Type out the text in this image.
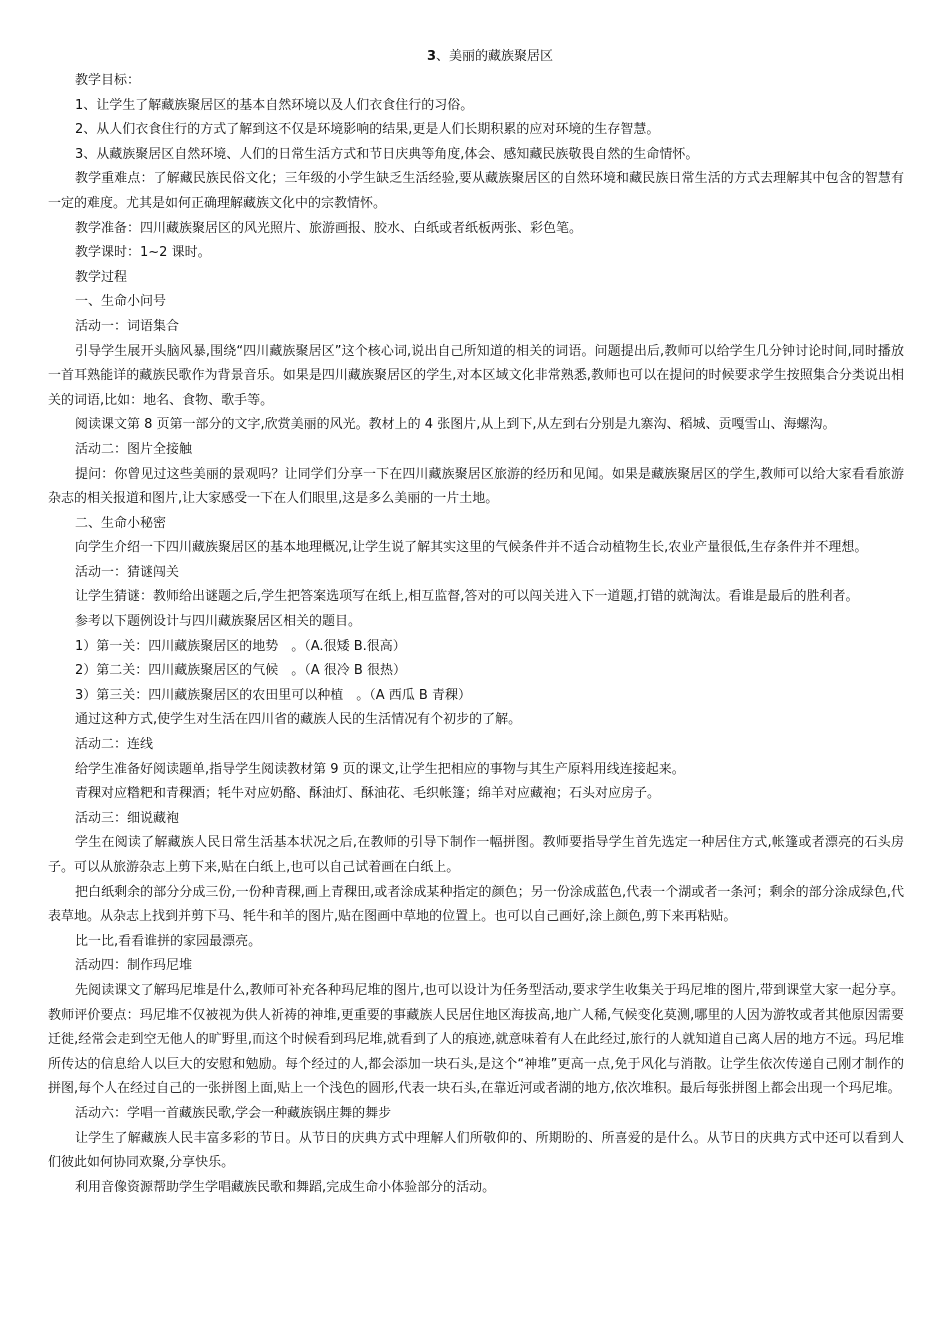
3、美丽的藏族聚居区

教学目标：

1、让学生了解藏族聚居区的基本自然环境以及人们衣食住行的习俗。

2、从人们衣食住行的方式了解到这不仅是环境影响的结果,更是人们长期积累的应对环境的生存智慧。

3、从藏族聚居区自然环境、人们的日常生活方式和节日庆典等角度,体会、感知藏民族敬畏自然的生命情怀。

教学重难点：了解藏民族民俗文化；三年级的小学生缺乏生活经验,要从藏族聚居区的自然环境和藏民族日常生活的方式去理解其中包含的智慧有一定的难度。尤其是如何正确理解藏族文化中的宗教情怀。

教学准备：四川藏族聚居区的风光照片、旅游画报、胶水、白纸或者纸板两张、彩色笔。

教学课时：1~2 课时。

教学过程

一、生命小问号

活动一：词语集合

引导学生展开头脑风暴,围绕“四川藏族聚居区”这个核心词,说出自己所知道的相关的词语。问题提出后,教师可以给学生几分钟讨论时间,同时播放一首耳熟能详的藏族民歌作为背景音乐。如果是四川藏族聚居区的学生,对本区域文化非常熟悉,教师也可以在提问的时候要求学生按照集合分类说出相关的词语,比如：地名、食物、歌手等。

阅读课文第 8 页第一部分的文字,欣赏美丽的风光。教材上的 4 张图片,从上到下,从左到右分别是九寨沟、稻城、贡嘎雪山、海螺沟。

活动二：图片全接触

提问：你曾见过这些美丽的景观吗？让同学们分享一下在四川藏族聚居区旅游的经历和见闻。如果是藏族聚居区的学生,教师可以给大家看看旅游杂志的相关报道和图片,让大家感受一下在人们眼里,这是多么美丽的一片土地。

二、生命小秘密

向学生介绍一下四川藏族聚居区的基本地理概况,让学生说了解其实这里的气候条件并不适合动植物生长,农业产量很低,生存条件并不理想。

活动一：猜谜闯关

让学生猜谜：教师给出谜题之后,学生把答案选项写在纸上,相互监督,答对的可以闯关进入下一道题,打错的就淘汰。看谁是最后的胜利者。

参考以下题例设计与四川藏族聚居区相关的题目。

1）第一关：四川藏族聚居区的地势　。（A.很矮 B.很高）

2）第二关：四川藏族聚居区的气候　。（A 很冷 B 很热）

3）第三关：四川藏族聚居区的农田里可以种植　。（A 西瓜 B 青稞）

通过这种方式,使学生对生活在四川省的藏族人民的生活情况有个初步的了解。

活动二：连线

给学生准备好阅读题单,指导学生阅读教材第 9 页的课文,让学生把相应的事物与其生产原料用线连接起来。

青稞对应糌粑和青稞酒；牦牛对应奶酪、酥油灯、酥油花、毛织帐篷；绵羊对应藏袍；石头对应房子。

活动三：细说藏袍

学生在阅读了解藏族人民日常生活基本状况之后,在教师的引导下制作一幅拼图。教师要指导学生首先选定一种居住方式,帐篷或者漂亮的石头房子。可以从旅游杂志上剪下来,贴在白纸上,也可以自己试着画在白纸上。

把白纸剩余的部分分成三份,一份种青稞,画上青稞田,或者涂成某种指定的颜色；另一份涂成蓝色,代表一个湖或者一条河；剩余的部分涂成绿色,代表草地。从杂志上找到并剪下马、牦牛和羊的图片,贴在图画中草地的位置上。也可以自己画好,涂上颜色,剪下来再粘贴。

比一比,看看谁拼的家园最漂亮。

活动四：制作玛尼堆

先阅读课文了解玛尼堆是什么,教师可补充各种玛尼堆的图片,也可以设计为任务型活动,要求学生收集关于玛尼堆的图片,带到课堂大家一起分享。教师评价要点：玛尼堆不仅被视为供人祈祷的神堆,更重要的事藏族人民居住地区海拔高,地广人稀,气候变化莫测,哪里的人因为游牧或者其他原因需要迁徙,经常会走到空无他人的旷野里,而这个时候看到玛尼堆,就看到了人的痕迹,就意味着有人在此经过,旅行的人就知道自己离人居的地方不远。玛尼堆所传达的信息给人以巨大的安慰和勉励。每个经过的人,都会添加一块石头,是这个“神堆”更高一点,免于风化与消散。让学生依次传递自己刚才制作的拼图,每个人在经过自己的一张拼图上面,贴上一个浅色的圆形,代表一块石头,在靠近河或者湖的地方,依次堆积。最后每张拼图上都会出现一个玛尼堆。

活动六：学唱一首藏族民歌,学会一种藏族锅庄舞的舞步

让学生了解藏族人民丰富多彩的节日。从节日的庆典方式中理解人们所敬仰的、所期盼的、所喜爱的是什么。从节日的庆典方式中还可以看到人们彼此如何协同欢聚,分享快乐。

利用音像资源帮助学生学唱藏族民歌和舞蹈,完成生命小体验部分的活动。
